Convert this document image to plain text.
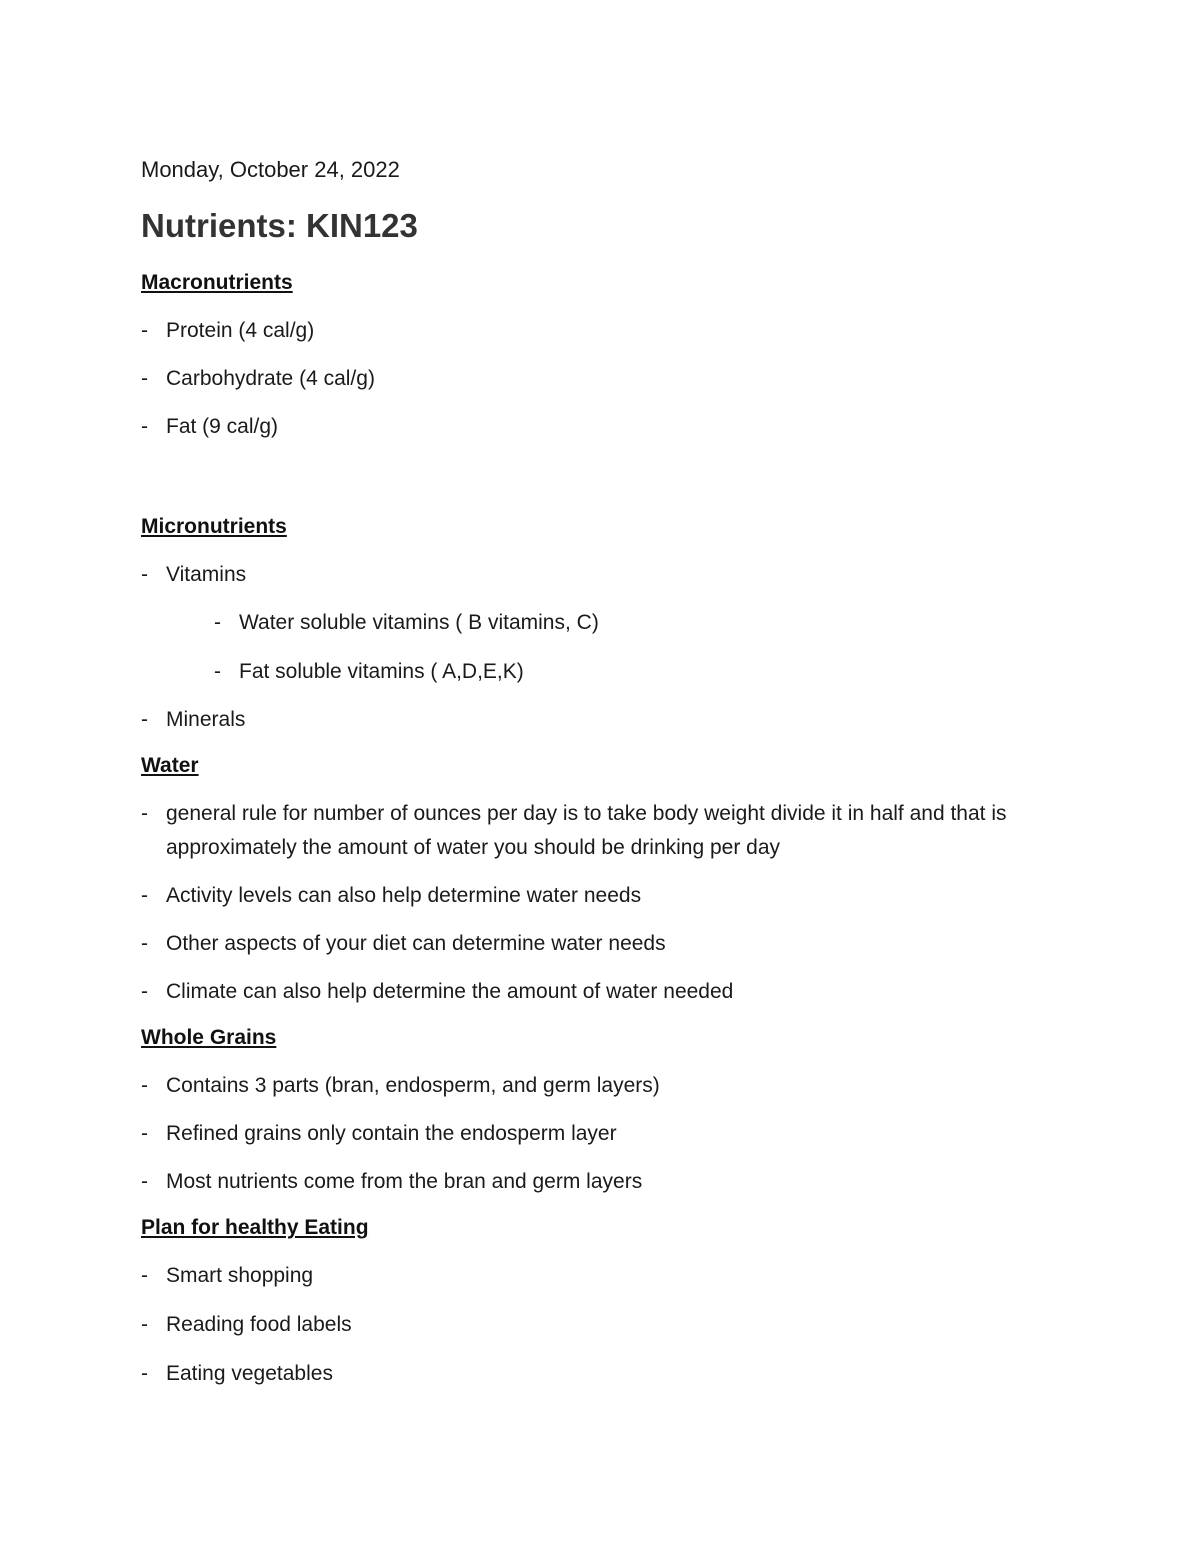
Monday, October 24, 2022

Nutrients: KIN123
Macronutrients
- Protein (4 cal/g)
- Carbohydrate (4 cal/g)
- Fat (9 cal/g)
Micronutrients
- Vitamins
- Water soluble vitamins ( B vitamins, C)
- Fat soluble vitamins ( A,D,E,K)
- Minerals
Water
- general rule for number of ounces per day is to take body weight divide it in half and that is approximately the amount of water you should be drinking per day
- Activity levels can also help determine water needs
- Other aspects of your diet can determine water needs
- Climate can also help determine the amount of water needed
Whole Grains
- Contains 3 parts (bran, endosperm, and germ layers)
- Refined grains only contain the endosperm layer
- Most nutrients come from the bran and germ layers
Plan for healthy Eating
- Smart shopping
- Reading food labels
- Eating vegetables
